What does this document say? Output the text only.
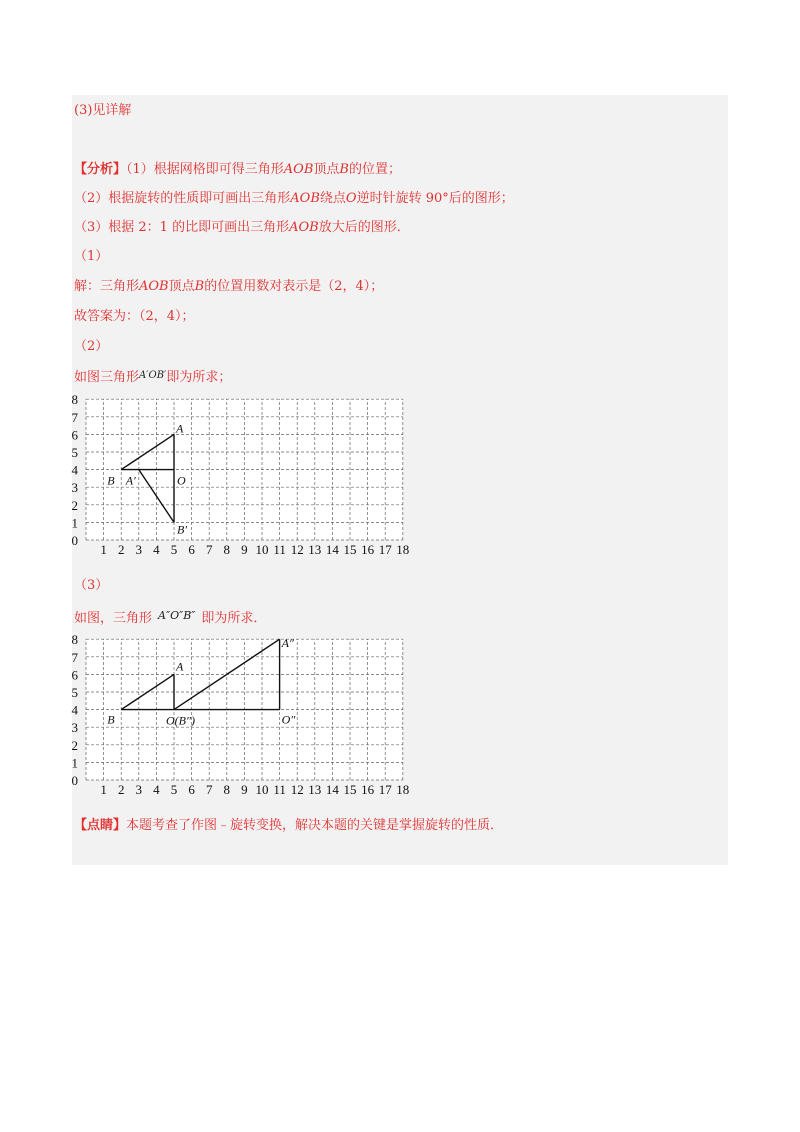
(3)见详解
【分析】（1）根据网格即可得三角形AOB顶点B的位置；
（2）根据旋转的性质即可画出三角形AOB绕点O逆时针旋转 90°后的图形；
（3）根据 2：1 的比即可画出三角形AOB放大后的图形．
（1）
解：三角形AOB顶点B的位置用数对表示是（2，4）；
故答案为：（2，4）；
（2）
如图三角形$^{A'OB'}$即为所求；
1 2 3 4 5 6 7 8 9 10 11 12 13 14 15 16 17 18
0
1
2
3
4
5
6
7
8
A
B	O
A′
B′
（3）
如图，三角形 $^{A''O''B''}$ 即为所求．
1 2 3 4 5 6 7 8 9 10 11 12 13 14 15 16 17 18
0
1
2
3
4
5
6
7
8
A
B	O(B″)
A″
O″
【点睛】本题考查了作图﹣旋转变换，解决本题的关键是掌握旋转的性质．
